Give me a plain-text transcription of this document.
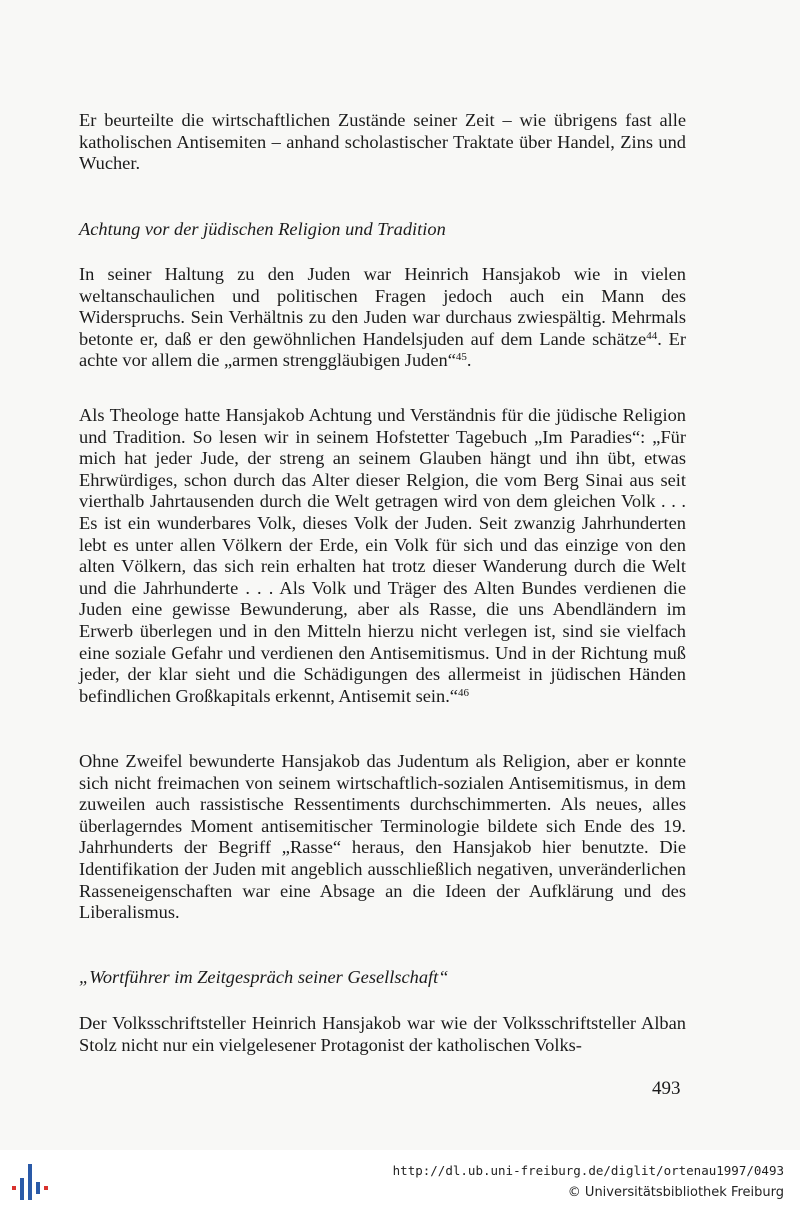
Er beurteilte die wirtschaftlichen Zustände seiner Zeit – wie übrigens fast alle katholischen Antisemiten – anhand scholastischer Traktate über Handel, Zins und Wucher.

Achtung vor der jüdischen Religion und Tradition

In seiner Haltung zu den Juden war Heinrich Hansjakob wie in vielen weltanschaulichen und politischen Fragen jedoch auch ein Mann des Widerspruchs. Sein Verhältnis zu den Juden war durchaus zwiespältig. Mehrmals betonte er, daß er den gewöhnlichen Handelsjuden auf dem Lande schätze$^{44}$. Er achte vor allem die „armen strenggläubigen Juden“$^{45}$.

Als Theologe hatte Hansjakob Achtung und Verständnis für die jüdische Religion und Tradition. So lesen wir in seinem Hofstetter Tagebuch „Im Paradies“: „Für mich hat jeder Jude, der streng an seinem Glauben hängt und ihn übt, etwas Ehrwürdiges, schon durch das Alter dieser Relgion, die vom Berg Sinai aus seit vierthalb Jahrtausenden durch die Welt getragen wird von dem gleichen Volk . . . Es ist ein wunderbares Volk, dieses Volk der Juden. Seit zwanzig Jahrhunderten lebt es unter allen Völkern der Erde, ein Volk für sich und das einzige von den alten Völkern, das sich rein erhalten hat trotz dieser Wanderung durch die Welt und die Jahrhunderte . . . Als Volk und Träger des Alten Bundes verdienen die Juden eine gewisse Bewunderung, aber als Rasse, die uns Abendländern im Erwerb überlegen und in den Mitteln hierzu nicht verlegen ist, sind sie vielfach eine soziale Gefahr und verdienen den Antisemitismus. Und in der Richtung muß jeder, der klar sieht und die Schädigungen des allermeist in jüdischen Händen befindlichen Großkapitals erkennt, Antisemit sein.“$^{46}$

Ohne Zweifel bewunderte Hansjakob das Judentum als Religion, aber er konnte sich nicht freimachen von seinem wirtschaftlich-sozialen Antisemitismus, in dem zuweilen auch rassistische Ressentiments durchschimmerten. Als neues, alles überlagerndes Moment antisemitischer Terminologie bildete sich Ende des 19. Jahrhunderts der Begriff „Rasse“ heraus, den Hansjakob hier benutzte. Die Identifikation der Juden mit angeblich ausschließlich negativen, unveränderlichen Rasseneigenschaften war eine Absage an die Ideen der Aufklärung und des Liberalismus.

„Wortführer im Zeitgespräch seiner Gesellschaft“

Der Volksschriftsteller Heinrich Hansjakob war wie der Volksschriftsteller Alban Stolz nicht nur ein vielgelesener Protagonist der katholischen Volks-

493
http://dl.ub.uni-freiburg.de/diglit/ortenau1997/0493
© Universitätsbibliothek Freiburg
